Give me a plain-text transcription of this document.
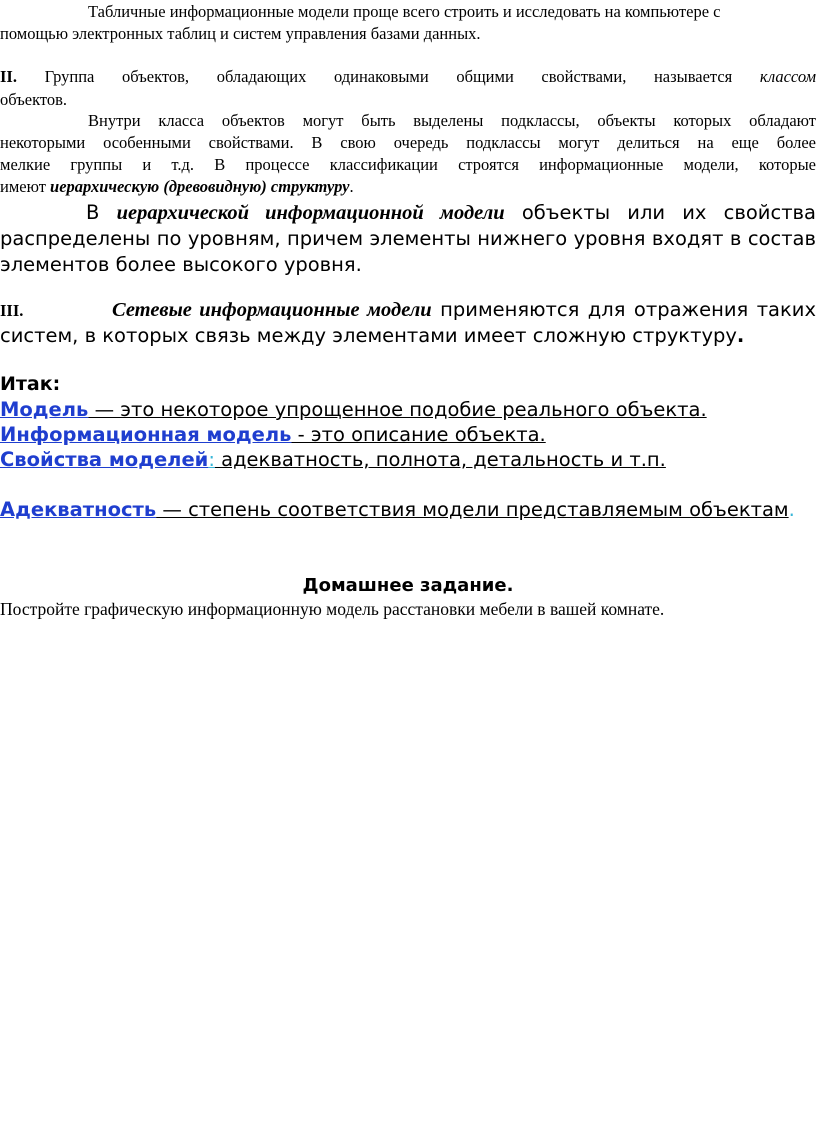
Табличные информационные модели проще всего строить и исследовать на компьютере с
помощью электронных таблиц и систем управления базами данных.
II. Группа объектов, обладающих одинаковыми общими свойствами, называется классом
объектов.
Внутри класса объектов могут быть выделены подклассы, объекты которых обладают
некоторыми особенными свойствами. В свою очередь подклассы могут делиться на еще более
мелкие группы и т.д. В процессе классификации строятся информационные модели, которые
имеют иерархическую (древовидную) структуру.
В иерархической информационной модели объекты или их свойства
распределены по уровням, причем элементы нижнего уровня входят в состав
элементов более высокого уровня.
III.	Сетевые информационные модели применяются для отражения таких
систем, в которых связь между элементами имеет сложную структуру.
Итак:
Модель — это некоторое упрощенное подобие реального объекта.
Информационная модель - это описание объекта.
Свойства моделей: адекватность, полнота, детальность и т.п.
Адекватность — степень соответствия модели представляемым объектам.
Домашнее задание.
Постройте графическую информационную модель расстановки мебели в вашей комнате.
